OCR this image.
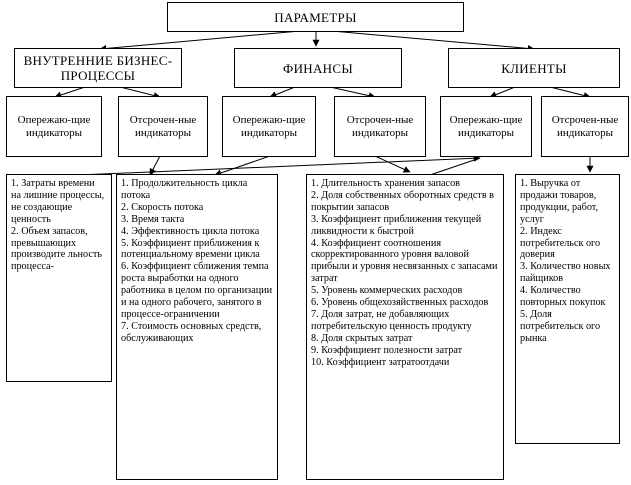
ПАРАМЕТРЫ
ВНУТРЕННИЕ БИЗНЕС-ПРОЦЕССЫ	ФИНАНСЫ	КЛИЕНТЫ
Опережаю-щие индикаторы
Отсрочен-ные индикаторы
Опережаю-щие индикаторы
Отсрочен-ные индикаторы
Опережаю-щие индикаторы
Отсрочен-ные индикаторы
1. Затраты времени на лишние процессы, не создающие ценность
2. Объем запасов, превышающих производите льность процесса-
1. Продолжительность цикла потока
2. Скорость потока
3. Время такта
4. Эффективность цикла потока
5. Коэффициент приближения к потенциальному времени цикла
6. Коэффициент сближения темпа роста выработки на одного работника в целом по организации
и на одного рабочего, занятого в процессе-ограничении
7. Стоимость основных средств, обслуживающих
1. Длительность хранения запасов
2. Доля собственных оборотных средств в покрытии запасов
3. Коэффициент приближения текущей ликвидности к быстрой
4. Коэффициент соотношения скорректированного уровня валовой прибыли и уровня несвязанных с запасами затрат
5. Уровень коммерческих расходов
6. Уровень общехозяйственных расходов
7. Доля затрат, не добавляющих потребительскую ценность продукту
8. Доля скрытых затрат
9. Коэффициент полезности затрат
10. Коэффициент затратоотдачи
1. Выручка от продажи товаров, продукции, работ, услуг
2. Индекс потребительск ого доверия
3. Количество новых пайщиков
4. Количество повторных покупок
5. Доля потребительск ого рынка
